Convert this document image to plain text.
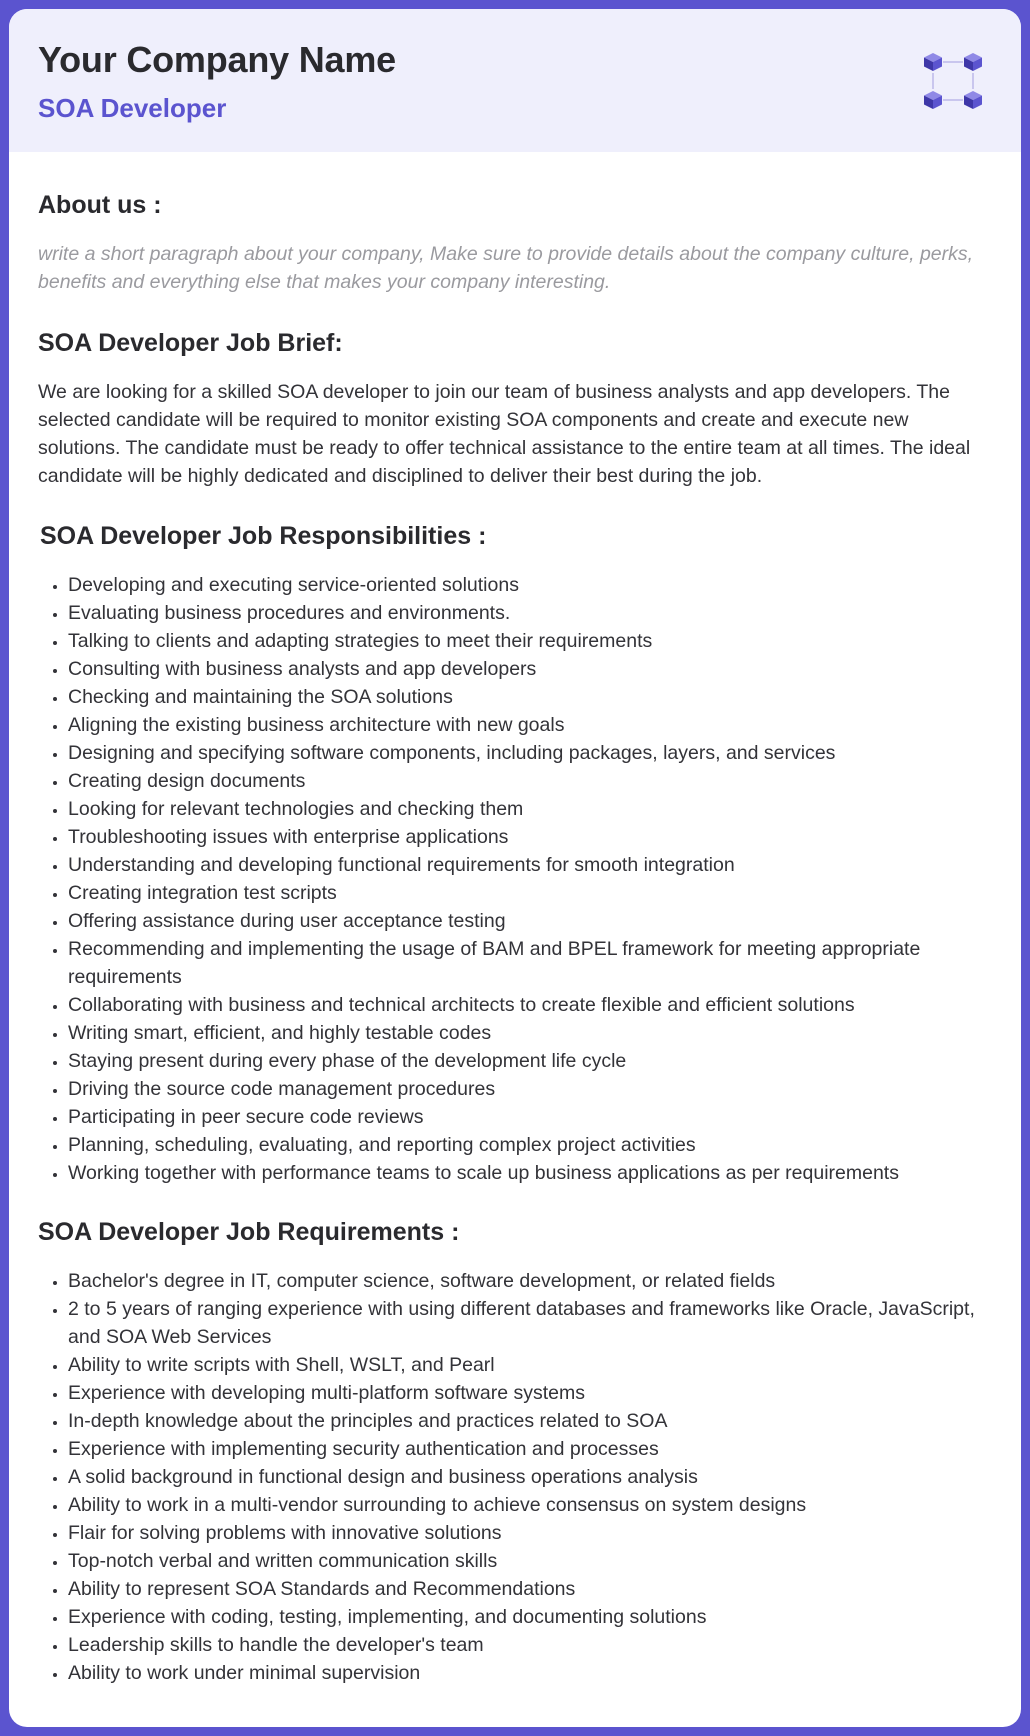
Your Company Name
SOA Developer
About us :

write a short paragraph about your company, Make sure to provide details about the company culture, perks, benefits and everything else that makes your company interesting.

SOA Developer Job Brief:

We are looking for a skilled SOA developer to join our team of business analysts and app developers. The selected candidate will be required to monitor existing SOA components and create and execute new solutions. The candidate must be ready to offer technical assistance to the entire team at all times. The ideal candidate will be highly dedicated and disciplined to deliver their best during the job.

SOA Developer Job Responsibilities :
• Developing and executing service-oriented solutions
• Evaluating business procedures and environments.
• Talking to clients and adapting strategies to meet their requirements
• Consulting with business analysts and app developers
• Checking and maintaining the SOA solutions
• Aligning the existing business architecture with new goals
• Designing and specifying software components, including packages, layers, and services
• Creating design documents
• Looking for relevant technologies and checking them
• Troubleshooting issues with enterprise applications
• Understanding and developing functional requirements for smooth integration
• Creating integration test scripts
• Offering assistance during user acceptance testing
• Recommending and implementing the usage of BAM and BPEL framework for meeting appropriate requirements
• Collaborating with business and technical architects to create flexible and efficient solutions
• Writing smart, efficient, and highly testable codes
• Staying present during every phase of the development life cycle
• Driving the source code management procedures
• Participating in peer secure code reviews
• Planning, scheduling, evaluating, and reporting complex project activities
• Working together with performance teams to scale up business applications as per requirements
SOA Developer Job Requirements :
• Bachelor's degree in IT, computer science, software development, or related fields
• 2 to 5 years of ranging experience with using different databases and frameworks like Oracle, JavaScript, and SOA Web Services
• Ability to write scripts with Shell, WSLT, and Pearl
• Experience with developing multi-platform software systems
• In-depth knowledge about the principles and practices related to SOA
• Experience with implementing security authentication and processes
• A solid background in functional design and business operations analysis
• Ability to work in a multi-vendor surrounding to achieve consensus on system designs
• Flair for solving problems with innovative solutions
• Top-notch verbal and written communication skills
• Ability to represent SOA Standards and Recommendations
• Experience with coding, testing, implementing, and documenting solutions
• Leadership skills to handle the developer's team
• Ability to work under minimal supervision
